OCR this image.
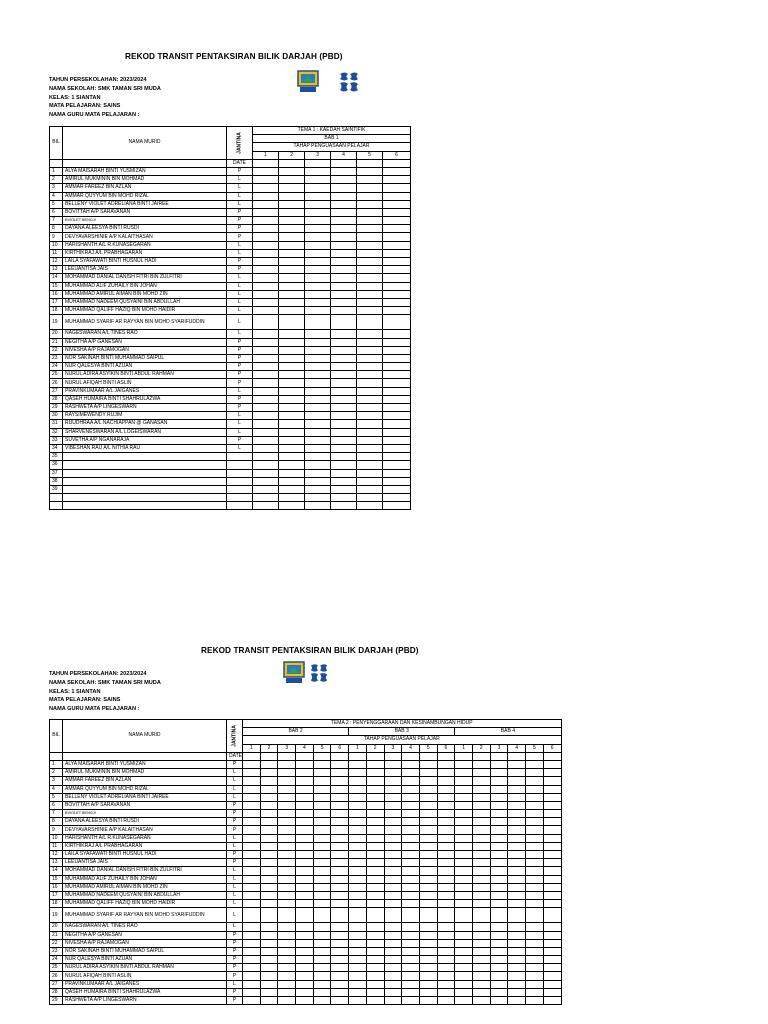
REKOD TRANSIT PENTAKSIRAN BILIK DARJAH (PBD)
TAHUN PERSEKOLAHAN: 2023/2024
NAMA SEKOLAH: SMK TAMAN SRI MUDA
KELAS: 1 SIANTAN
MATA PELAJARAN: SAINS
NAMA GURU MATA PELAJARAN :
BIL	NAMA MURID	JANTINA	TEMA 1 : KAEDAH SAINTIFIK					
			BAB 1					
			TAHAP PENGUASAAN PELAJAR					
			1	2	3	4	5	6
		DATE						
1	ALYA MAISARAH BINTI YUSMIZAN	P						
2	AMIRUL MUKMININ BIN MOHMAD	L						
3	AMMAR FAREEZ BIN AZLAN	L						
4	AMMAR QUYYUM BIN MOHD RIZAL	L						
5	BELLENY VIOLET ADRELIANA BINTI JAIREE	L						
6	BOVITTAH A/P SARAVANAN	P						
7	BVIOLET BENGJI	P						
8	DAYANA ALEESYA BINTI RUSDI	P						
9	DEVYAVARSHINIE A/P KALAITHASAN	P						
10	HARISHANTH A/L R.KUNASEGARAN	L						
11	KIRTHIKRAJ A/L PRABHAGARAN	L						
12	LAILA SYAFAWATI BINTI HUSNUL HADI	P						
13	LEEUANTISA JAIS	P						
14	MOHAMMAD DANIAL DANISH FITRI BIN ZULFITRI	L						
15	MUHAMMAD ALIF ZUHAILY BIN JOHAN	L						
16	MUHAMMAD AMIRUL AIMAN BIN MOHD ZIN	L						
17	MUHAMMAD NADEEM QUSYAINI BIN ABDULLAH	L						
18	MUHAMMAD QALIFF HAZIQ BIN MOHD HAIDIR	L						
19	MUHAMMAD SYARIF AR RAYYAN BIN MOHD SYARIFUDDIN	L						
20	NAGESWARAN A/L TINES RAO	L						
21	NEGITHA A/P GANESAN	P						
22	NIVESHA A/P RAJAMOGAN	P						
23	NOR SAKINAH BINTI MUHAMMAD SAIPUL	P						
24	NUR QALESYA BINTI AZUAN	P						
25	NURUL ADIRA ASYIKIN BINTI ABDUL RAHMAN	P						
26	NURUL AFIQAH BINTI ASLIN	P						
27	PRAVINKUMAAR A/L JAIGANES	L						
28	QASEH HUMAIRA BINTI SHAHRULAZWA	P						
29	RASHWETA A/P LINGESWARN	P						
30	RAYSIMEWENDY RUJIM	L						
31	RUUDHRAA A/L NACHIAPPAN @ GANASAN	L						
32	SHARVENESWARAN A/L LOGEISWARAN	L						
33	SUVETHA A/P NGANARAJA	P						
34	VIBESHAN RAU A/L NITHIA RAU	L						
35								
36								
37								
38								
39								

REKOD TRANSIT PENTAKSIRAN BILIK DARJAH (PBD)
TAHUN PERSEKOLAHAN: 2023/2024
NAMA SEKOLAH: SMK TAMAN SRI MUDA
KELAS: 1 SIANTAN
MATA PELAJARAN: SAINS
NAMA GURU MATA PELAJARAN :
BIL	NAMA MURID	JANTINA	TEMA 2 : PENYENGGARAAN DAN KESINAMBUNGAN HIDUP																	
			BAB 2						BAB 3						BAB 4					
			TAHAP PENGUASAAN PELAJAR																	
			1	2	3	4	5	6	1	2	3	4	5	6	1	2	3	4	5	6
		DATE																		
1	ALYA MAISARAH BINTI YUSMIZAN	P																		
2	AMIRUL MUKMININ BIN MOHMAD	L																		
3	AMMAR FAREEZ BIN AZLAN	L																		
4	AMMAR QUYYUM BIN MOHD RIZAL	L																		
5	BELLENY VIOLET ADRELIANA BINTI JAIREE	L																		
6	BOVITTAH A/P SARAVANAN	P																		
7	BVIOLET BENGJI	P																		
8	DAYANA ALEESYA BINTI RUSDI	P																		
9	DEVYAVARSHINIE A/P KALAITHASAN	P																		
10	HARISHANTH A/L R.KUNASEGARAN	L																		
11	KIRTHIKRAJ A/L PRABHAGARAN	L																		
12	LAILA SYAFAWATI BINTI HUSNUL HADI	P																		
13	LEEUANTISA JAIS	P																		
14	MOHAMMAD DANIAL DANISH FITRI BIN ZULFITRI	L																		
15	MUHAMMAD ALIF ZUHAILY BIN JOHAN	L																		
16	MUHAMMAD AMIRUL AIMAN BIN MOHD ZIN	L																		
17	MUHAMMAD NADEEM QUSYAINI BIN ABDULLAH	L																		
18	MUHAMMAD QALIFF HAZIQ BIN MOHD HAIDIR	L																		
19	MUHAMMAD SYARIF AR RAYYAN BIN MOHD SYARIFUDDIN	L																		
20	NAGESWARAN A/L TINES RAO	L																		
21	NEGITHA A/P GANESAN	P																		
22	NIVESHA A/P RAJAMOGAN	P																		
23	NOR SAKINAH BINTI MUHAMMAD SAIPUL	P																		
24	NUR QALESYA BINTI AZUAN	P																		
25	NURUL ADIRA ASYIKIN BINTI ABDUL RAHMAN	P																		
26	NURUL AFIQAH BINTI ASLIN	P																		
27	PRAVINKUMAAR A/L JAIGANES	L																		
28	QASEH HUMAIRA BINTI SHAHRULAZWA	P																		
29	RASHWETA A/P LINGESWARN	P																		
